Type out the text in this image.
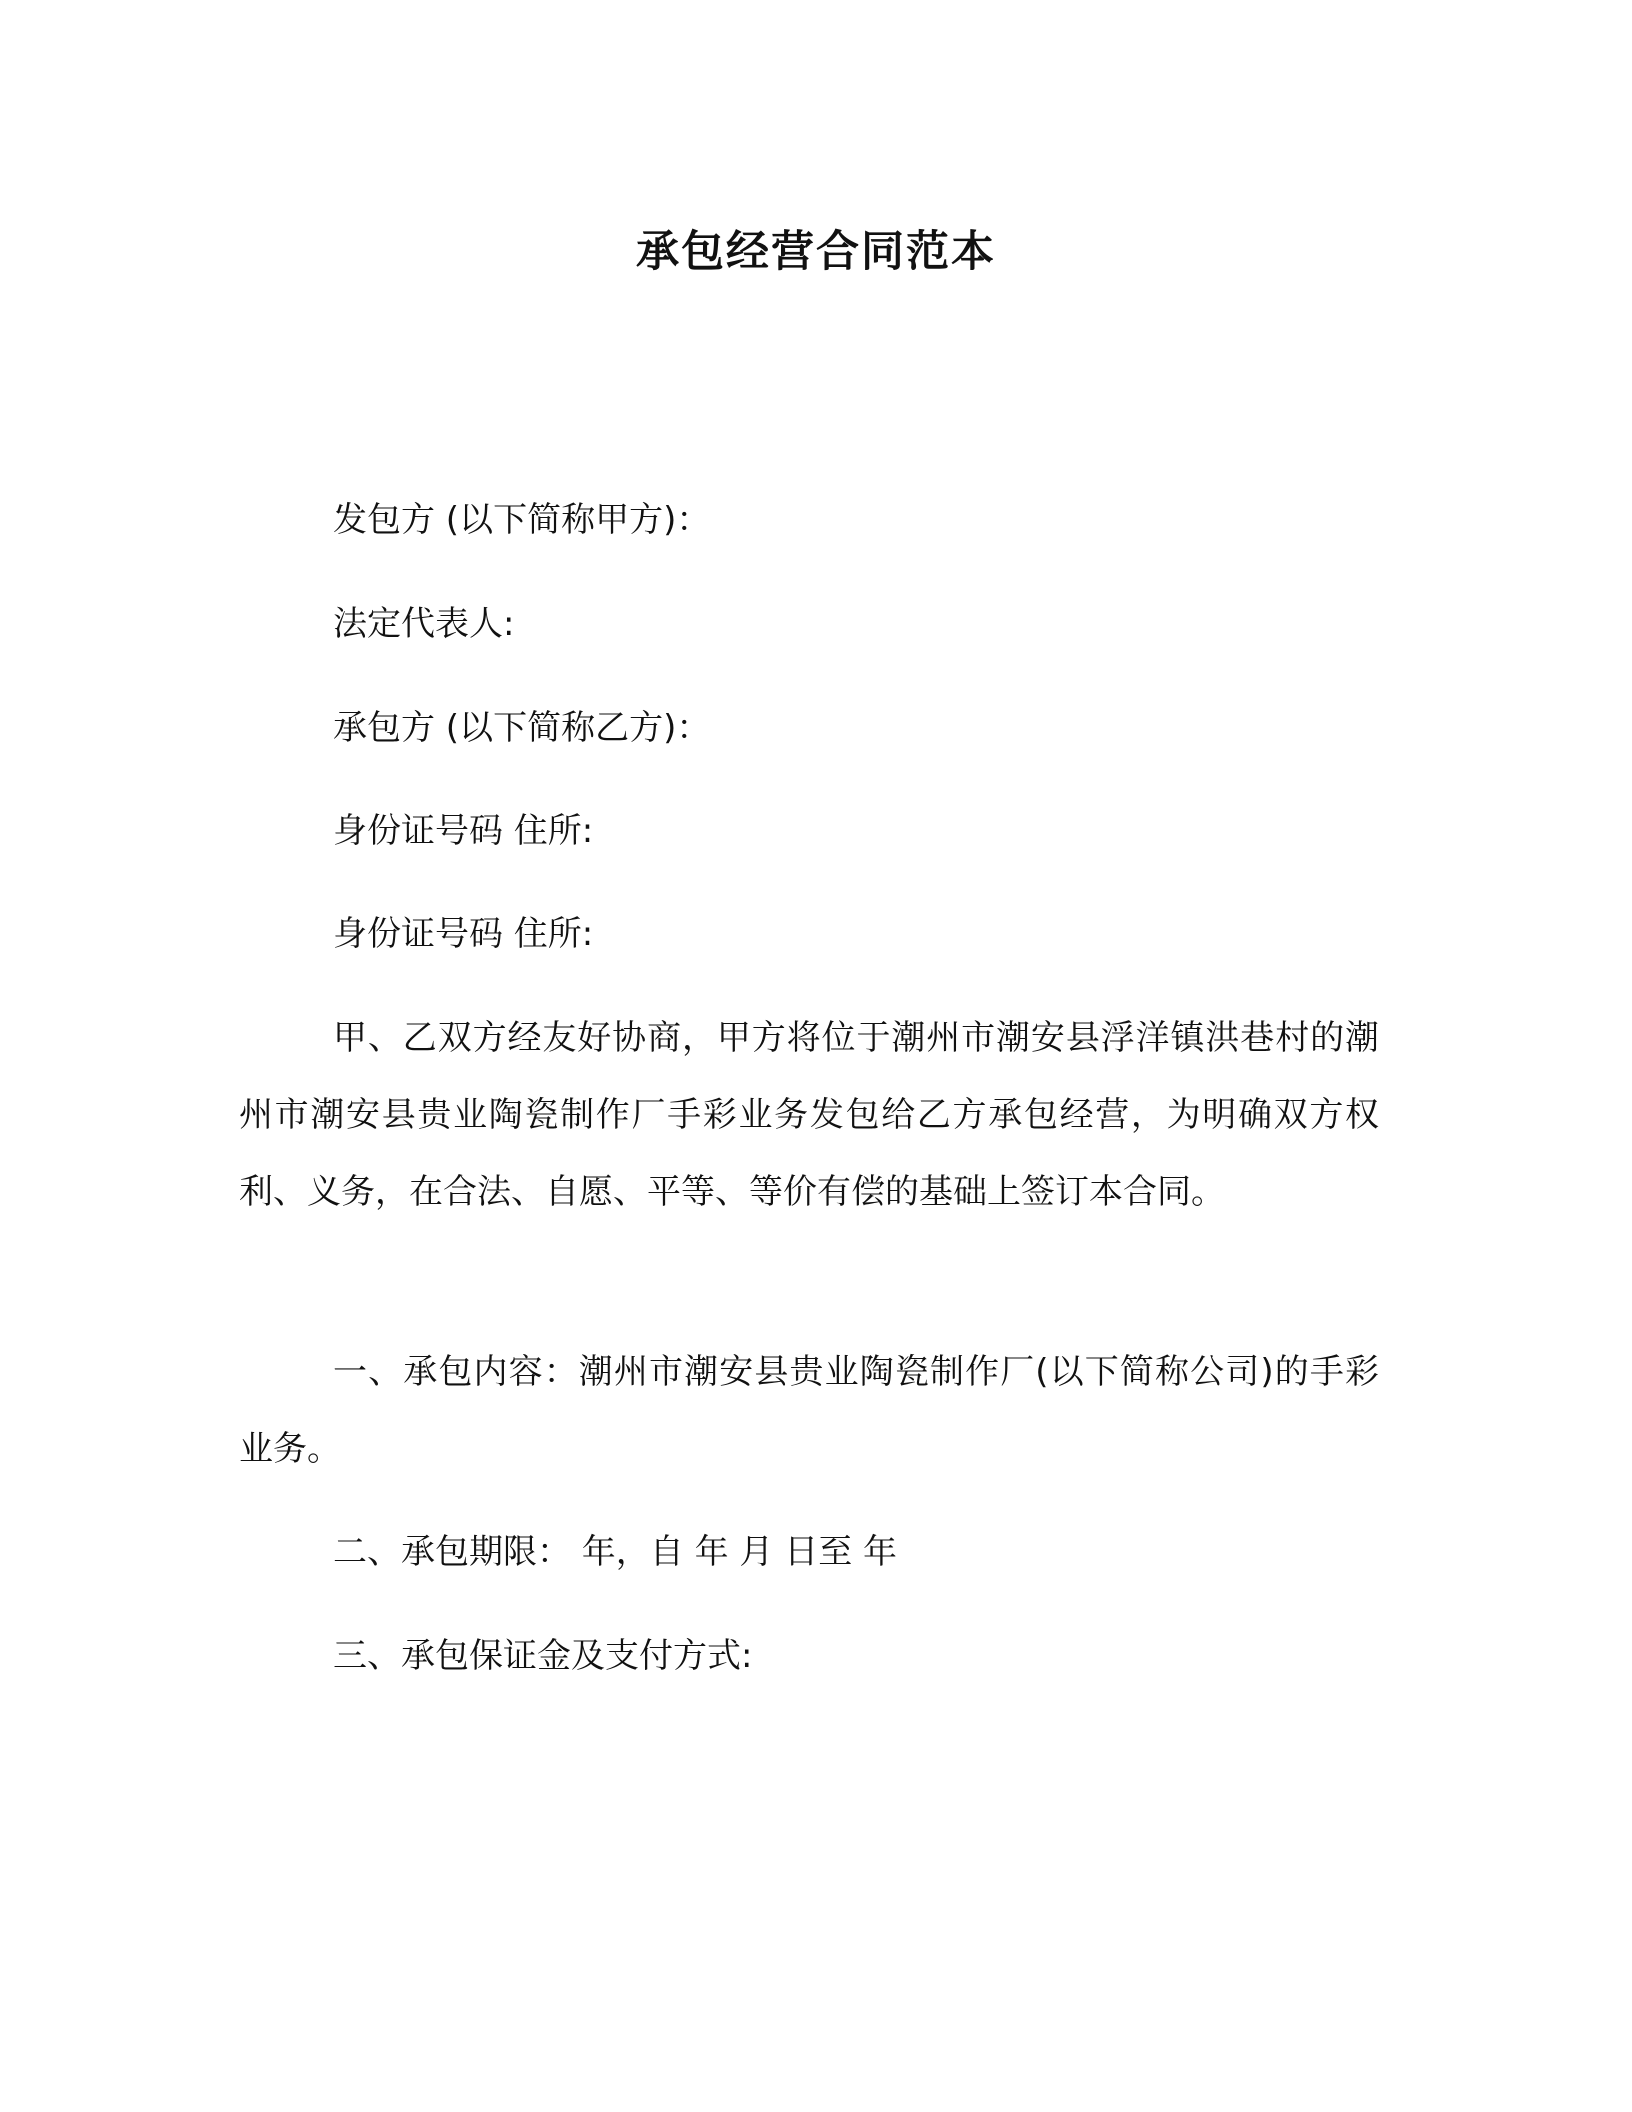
承包经营合同范本
发包方 (以下简称甲方)：
法定代表人:
承包方 (以下简称乙方)：
身份证号码 住所:
身份证号码 住所:

甲、乙双方经友好协商，甲方将位于潮州市潮安县浮洋镇洪巷村的潮州市潮安县贵业陶瓷制作厂手彩业务发包给乙方承包经营，为明确双方权利、义务，在合法、自愿、平等、等价有偿的基础上签订本合同。

一、承包内容：潮州市潮安县贵业陶瓷制作厂(以下简称公司)的手彩业务。

二、承包期限： 年，自 年 月 日至 年

三、承包保证金及支付方式:
